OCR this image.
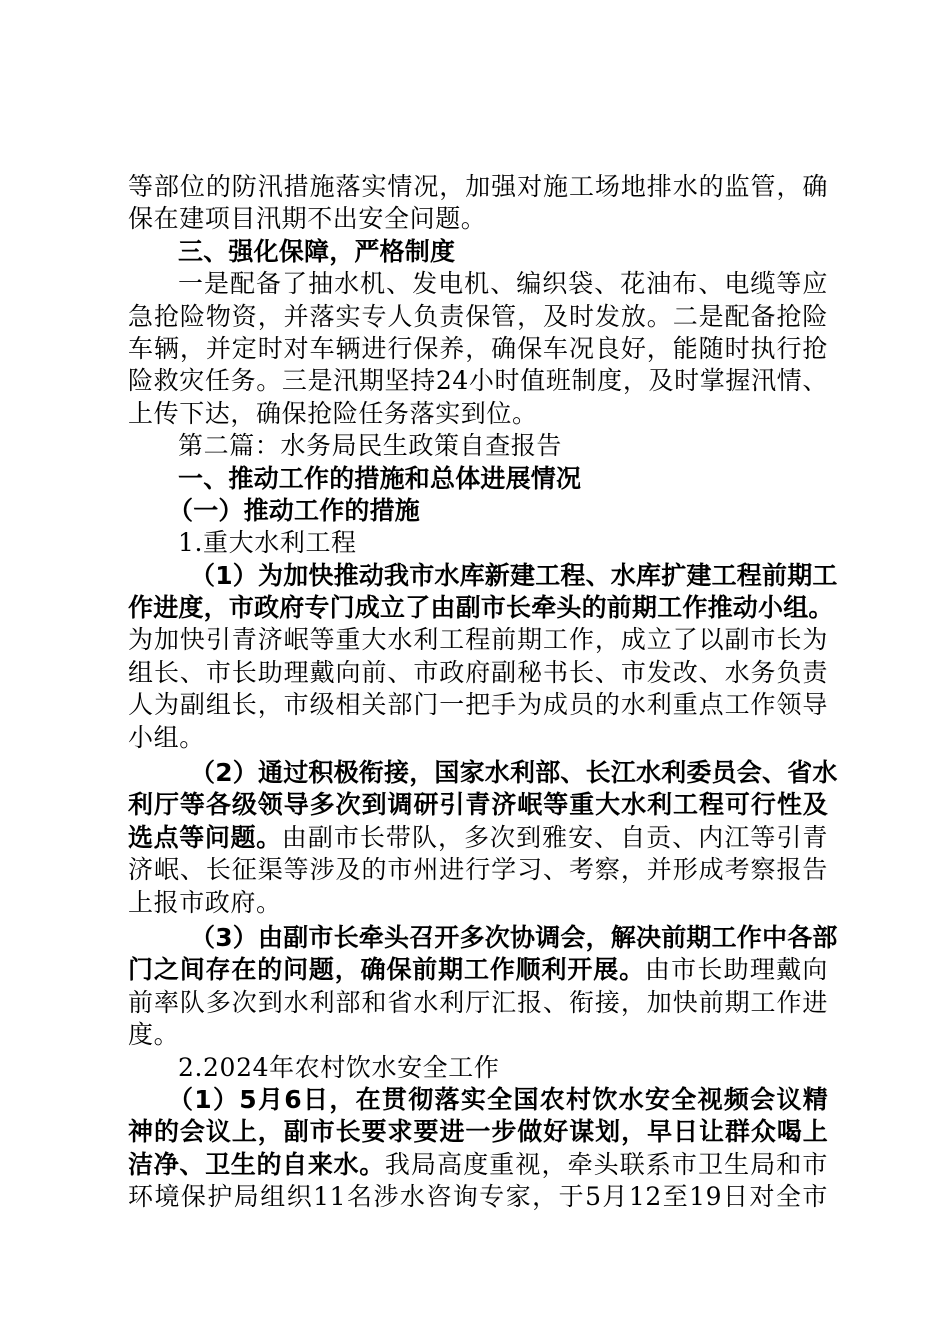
等部位的防汛措施落实情况，加强对施工场地排水的监管，确
保在建项目汛期不出安全问题。
三、强化保障，严格制度
一是配备了抽水机、发电机、编织袋、花油布、电缆等应
急抢险物资，并落实专人负责保管，及时发放。二是配备抢险
车辆，并定时对车辆进行保养，确保车况良好，能随时执行抢
险救灾任务。三是汛期坚持24小时值班制度，及时掌握汛情、
上传下达，确保抢险任务落实到位。
第二篇：水务局民生政策自查报告
一、推动工作的措施和总体进展情况
（一）推动工作的措施
1.重大水利工程
（1）为加快推动我市水库新建工程、水库扩建工程前期工
作进度，市政府专门成立了由副市长牵头的前期工作推动小组。
为加快引青济岷等重大水利工程前期工作，成立了以副市长为
组长、市长助理戴向前、市政府副秘书长、市发改、水务负责
人为副组长，市级相关部门一把手为成员的水利重点工作领导
小组。
（2）通过积极衔接，国家水利部、长江水利委员会、省水
利厅等各级领导多次到调研引青济岷等重大水利工程可行性及
选点等问题。由副市长带队，多次到雅安、自贡、内江等引青
济岷、长征渠等涉及的市州进行学习、考察，并形成考察报告
上报市政府。
（3）由副市长牵头召开多次协调会，解决前期工作中各部
门之间存在的问题，确保前期工作顺利开展。由市长助理戴向
前率队多次到水利部和省水利厅汇报、衔接，加快前期工作进
度。
2.2024年农村饮水安全工作
（1）5月6日，在贯彻落实全国农村饮水安全视频会议精
神的会议上，副市长要求要进一步做好谋划，早日让群众喝上
洁净、卫生的自来水。我局高度重视，牵头联系市卫生局和市
环境保护局组织11名涉水咨询专家，于5月12至19日对全市
